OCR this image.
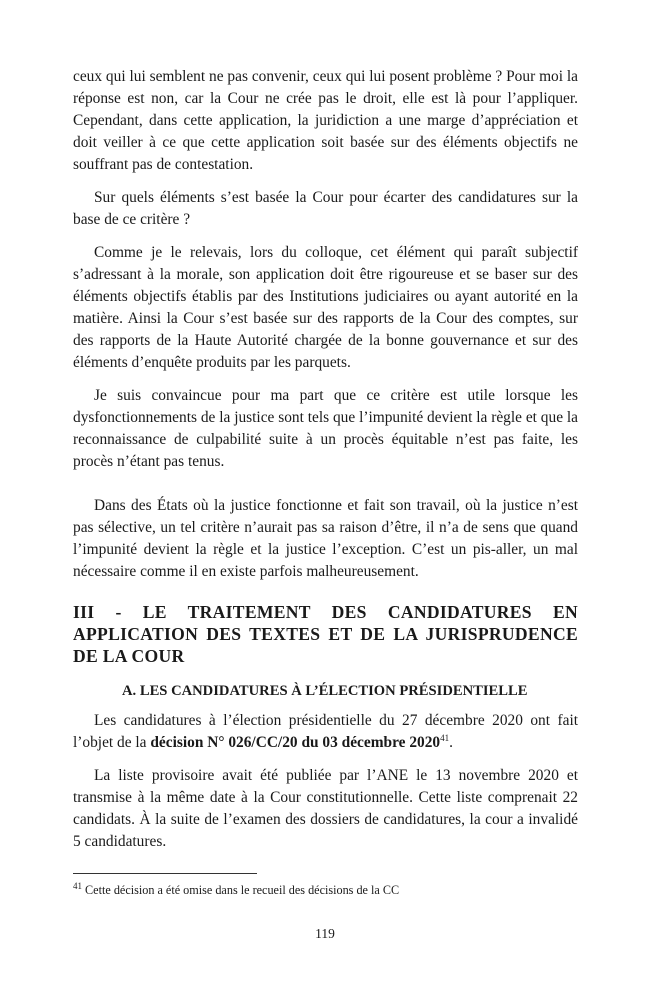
ceux qui lui semblent ne pas convenir, ceux qui lui posent problème ? Pour moi la réponse est non, car la Cour ne crée pas le droit, elle est là pour l’appliquer. Cependant, dans cette application, la juridiction a une marge d’appréciation et doit veiller à ce que cette application soit basée sur des éléments objectifs ne souffrant pas de contestation.

Sur quels éléments s’est basée la Cour pour écarter des candidatures sur la base de ce critère ?

Comme je le relevais, lors du colloque, cet élément qui paraît subjectif s’adressant à la morale, son application doit être rigoureuse et se baser sur des éléments objectifs établis par des Institutions judiciaires ou ayant autorité en la matière. Ainsi la Cour s’est basée sur des rapports de la Cour des comptes, sur des rapports de la Haute Autorité chargée de la bonne gouvernance et sur des éléments d’enquête produits par les parquets.

Je suis convaincue pour ma part que ce critère est utile lorsque les dysfonctionnements de la justice sont tels que l’impunité devient la règle et que la reconnaissance de culpabilité suite à un procès équitable n’est pas faite, les procès n’étant pas tenus.

Dans des États où la justice fonctionne et fait son travail, où la justice n’est pas sélective, un tel critère n’aurait pas sa raison d’être, il n’a de sens que quand l’impunité devient la règle et la justice l’exception. C’est un pis-aller, un mal nécessaire comme il en existe parfois malheureusement.

III - LE TRAITEMENT DES CANDIDATURES EN APPLICATION DES TEXTES ET DE LA JURISPRUDENCE DE LA COUR

A. LES CANDIDATURES À L’ÉLECTION PRÉSIDENTIELLE

Les candidatures à l’élection présidentielle du 27 décembre 2020 ont fait l’objet de la décision N° 026/CC/20 du 03 décembre 2020$^{41}$.

La liste provisoire avait été publiée par l’ANE le 13 novembre 2020 et transmise à la même date à la Cour constitutionnelle. Cette liste comprenait 22 candidats. À la suite de l’examen des dossiers de candidatures, la cour a invalidé 5 candidatures.

$^{41}$ Cette décision a été omise dans le recueil des décisions de la CC
119
